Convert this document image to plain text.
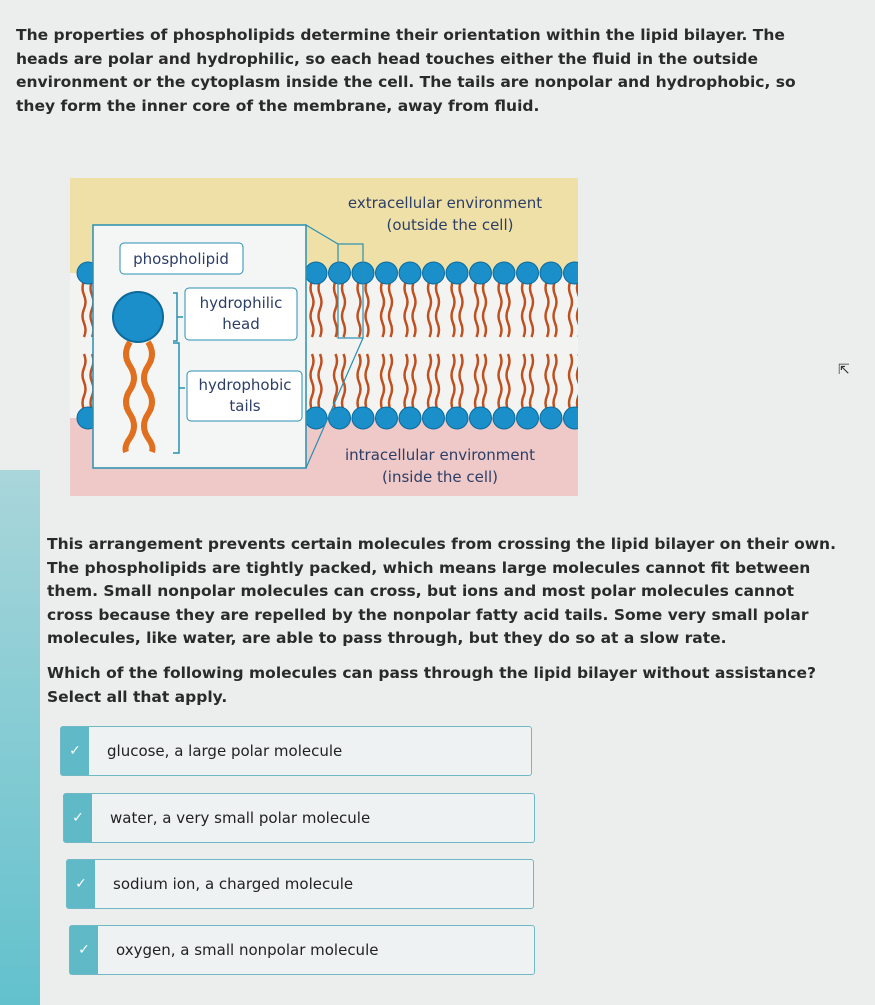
The properties of phospholipids determine their orientation within the lipid bilayer. The heads are polar and hydrophilic, so each head touches either the fluid in the outside environment or the cytoplasm inside the cell. The tails are nonpolar and hydrophobic, so they form the inner core of the membrane, away from fluid.

phospholipid
hydrophilic
head
hydrophobic
tails
extracellular environment
(outside the cell)
intracellular environment
(inside the cell)

This arrangement prevents certain molecules from crossing the lipid bilayer on their own. The phospholipids are tightly packed, which means large molecules cannot fit between them. Small nonpolar molecules can cross, but ions and most polar molecules cannot cross because they are repelled by the nonpolar fatty acid tails. Some very small polar molecules, like water, are able to pass through, but they do so at a slow rate.

Which of the following molecules can pass through the lipid bilayer without assistance? Select all that apply.

✓	glucose, a large polar molecule
✓	water, a very small polar molecule
✓	sodium ion, a charged molecule
✓	oxygen, a small nonpolar molecule
⇱
